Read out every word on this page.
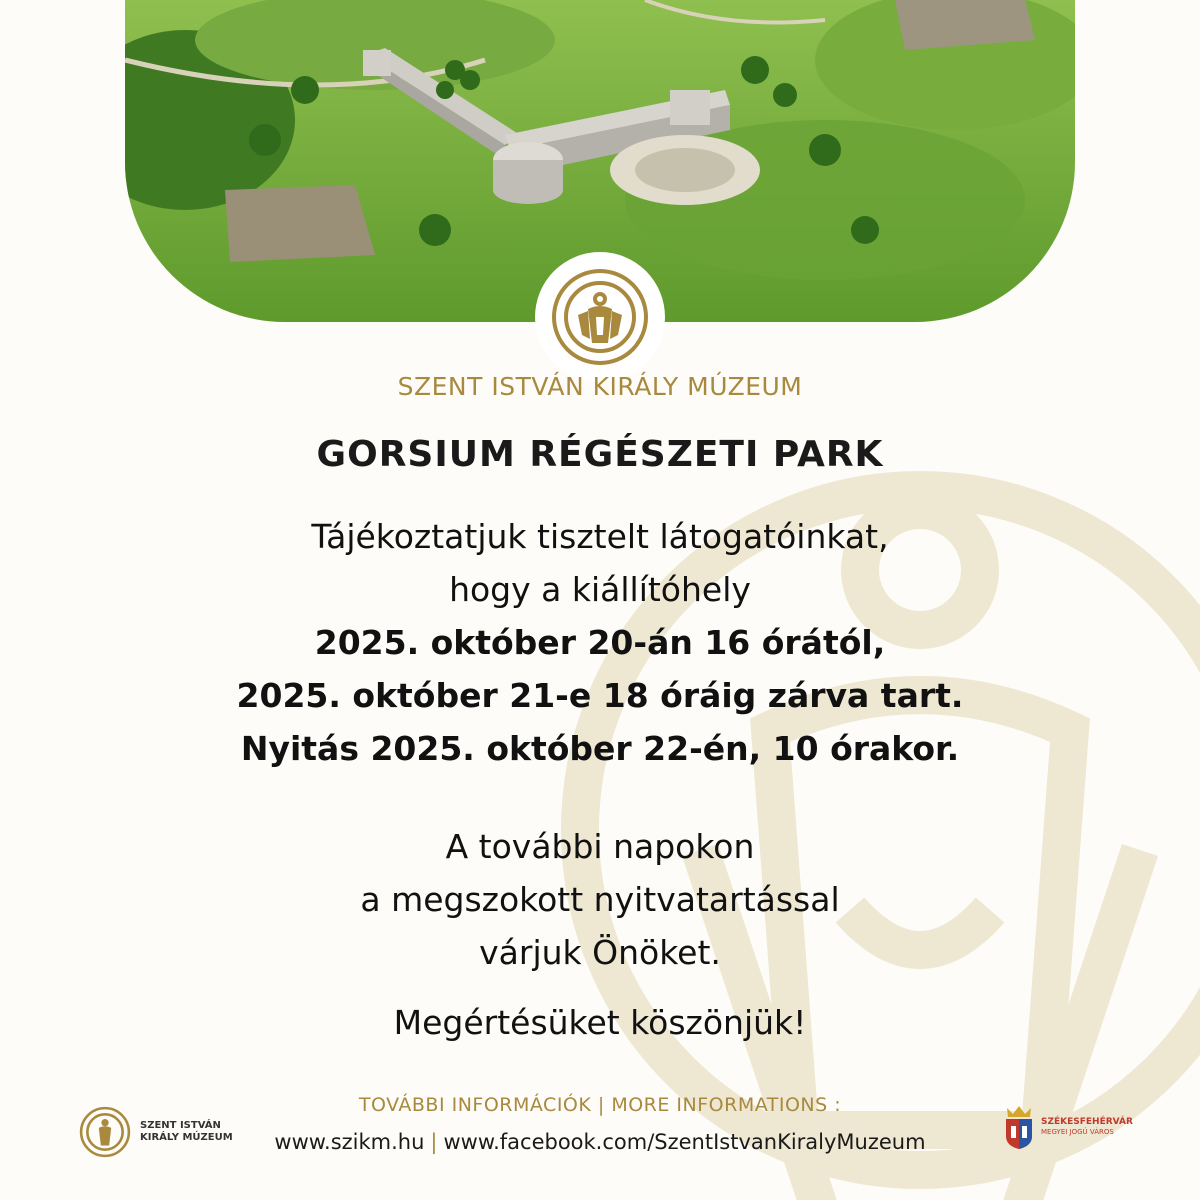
SZENT ISTVÁN KIRÁLY MÚZEUM
GORSIUM RÉGÉSZETI PARK
Tájékoztatjuk tisztelt látogatóinkat,
hogy a kiállítóhely
2025. október 20-án 16 órától,
2025. október 21-e 18 óráig zárva tart.
Nyitás 2025. október 22-én, 10 órakor.
A további napokon
a megszokott nyitvatartással
várjuk Önöket.
Megértésüket köszönjük!
TOVÁBBI INFORMÁCIÓK | MORE INFORMATIONS :
www.szikm.hu | www.facebook.com/SzentIstvanKiralyMuzeum
SZENT ISTVÁN
KIRÁLY MÚZEUM
SZÉKESFEHÉRVÁR
MEGYEI JOGÚ VÁROS
